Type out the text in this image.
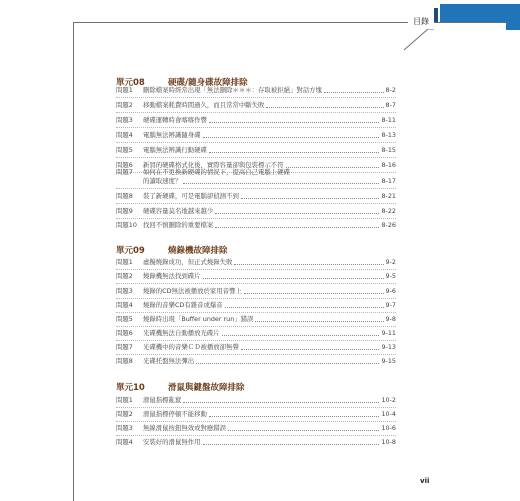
目錄
單元08	硬碟/隨身碟故障排除
問題1	刪除檔案時經常出現「無法刪除＊＊＊：存取被拒絕」對話方塊	8-2
問題2	移動檔案耗費時間過久，而且常常中斷失敗	8-7
問題3	硬碟運轉時會喀喀作響	8-11
問題4	電腦無法辨識隨身碟	8-13
問題5	電腦無法辨識行動硬碟	8-15
問題6	新買的硬碟格式化後，實際容量卻與包裝標示不符	8-16
問題7	如何在不更換新硬碟的情況下，提高自己電腦上硬碟
的讀取速度？	8-17
問題8	裝了新硬碟，可是電腦卻偵測不到	8-21
問題9	硬碟容量莫名地越來越少	8-22
問題10 找回不慎刪除的重要檔案	8-26
單元09	燒錄機故障排除
問題1	虛擬燒錄成功，但正式燒錄失敗	9-2
問題2	燒錄機無法找到碟片	9-5
問題3	燒錄的CD無法被播放於家用音響上	9-6
問題4	燒錄的音樂CD有雜音或爆音	9-7
問題5	燒錄時出現「Buffer under run」錯誤	9-8
問題6	光碟機無法自動播放光碟片	9-11
問題7	光碟機中的音樂ＣＤ被播放卻無聲	9-13
問題8	光碟托盤無法彈出	9-15
單元10	滑鼠與鍵盤故障排除
問題1	滑鼠指標亂竄	10-2
問題2	滑鼠指標停頓不能移動	10-4
問題3	無線滑鼠按鈕無效或對應錯誤	10-6
問題4	安裝好的滑鼠無作用	10-8
vii
